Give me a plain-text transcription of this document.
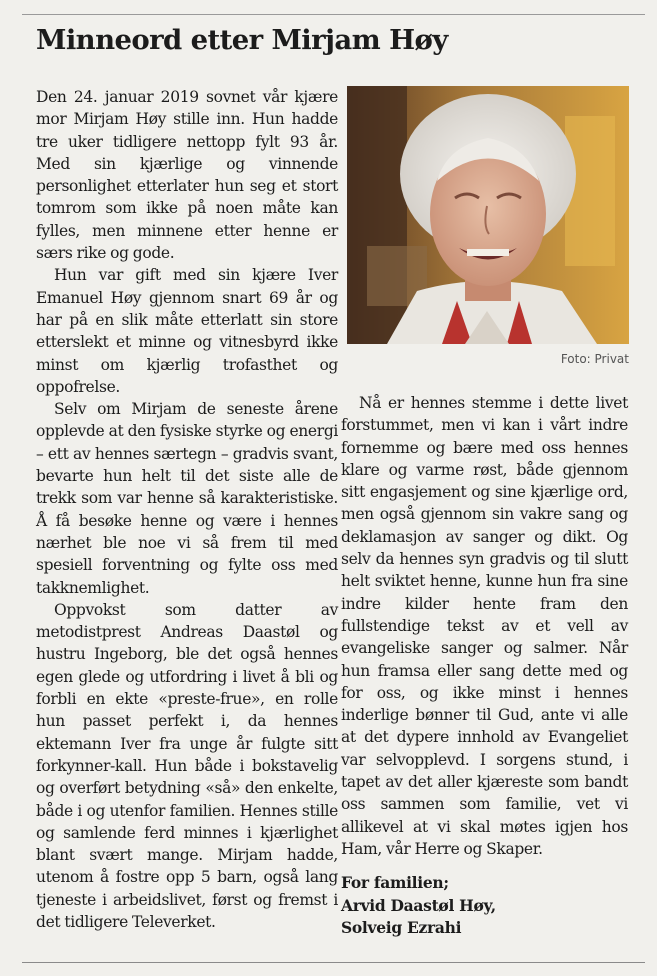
Minneord etter Mirjam Høy

Den 24. januar 2019 sovnet vår kjære mor Mirjam Høy stille inn. Hun hadde tre uker tidligere nettopp fylt 93 år. Med sin kjærlige og vinnende personlighet etterlater hun seg et stort tomrom som ikke på noen måte kan fylles, men minnene etter henne er særs rike og gode.

Hun var gift med sin kjære Iver Emanuel Høy gjennom snart 69 år og har på en slik måte etterlatt sin store etterslekt et minne og vitnesbyrd ikke minst om kjærlig trofasthet og oppofrelse.

Selv om Mirjam de seneste årene opplevde at den fysiske styrke og energi – ett av hennes særtegn – gradvis svant, bevarte hun helt til det siste alle de trekk som var henne så karakteristiske. Å få besøke henne og være i hennes nærhet ble noe vi så frem til med spesiell forventning og fylte oss med takknemlighet.

Oppvokst som datter av metodistprest Andreas Daastøl og hustru Ingeborg, ble det også hennes egen glede og utfordring i livet å bli og forbli en ekte «preste-frue», en rolle hun passet perfekt i, da hennes ektemann Iver fra unge år fulgte sitt forkynner-kall. Hun både i bokstavelig og overført betydning «så» den enkelte, både i og utenfor familien. Hennes stille og samlende ferd minnes i kjærlighet blant svært mange. Mirjam hadde, utenom å fostre opp 5 barn, også lang tjeneste i arbeidslivet, først og fremst i det tidligere Televerket.

Foto: Privat

Nå er hennes stemme i dette livet forstummet, men vi kan i vårt indre fornemme og bære med oss hennes klare og varme røst, både gjennom sitt engasjement og sine kjærlige ord, men også gjennom sin vakre sang og deklamasjon av sanger og dikt. Og selv da hennes syn gradvis og til slutt helt sviktet henne, kunne hun fra sine indre kilder hente fram den fullstendige tekst av et vell av evangeliske sanger og salmer. Når hun framsa eller sang dette med og for oss, og ikke minst i hennes inderlige bønner til Gud, ante vi alle at det dypere innhold av Evangeliet var selvopplevd. I sorgens stund, i tapet av det aller kjæreste som bandt oss sammen som familie, vet vi allikevel at vi skal møtes igjen hos Ham, vår Herre og Skaper.

For familien;
Arvid Daastøl Høy,
Solveig Ezrahi
